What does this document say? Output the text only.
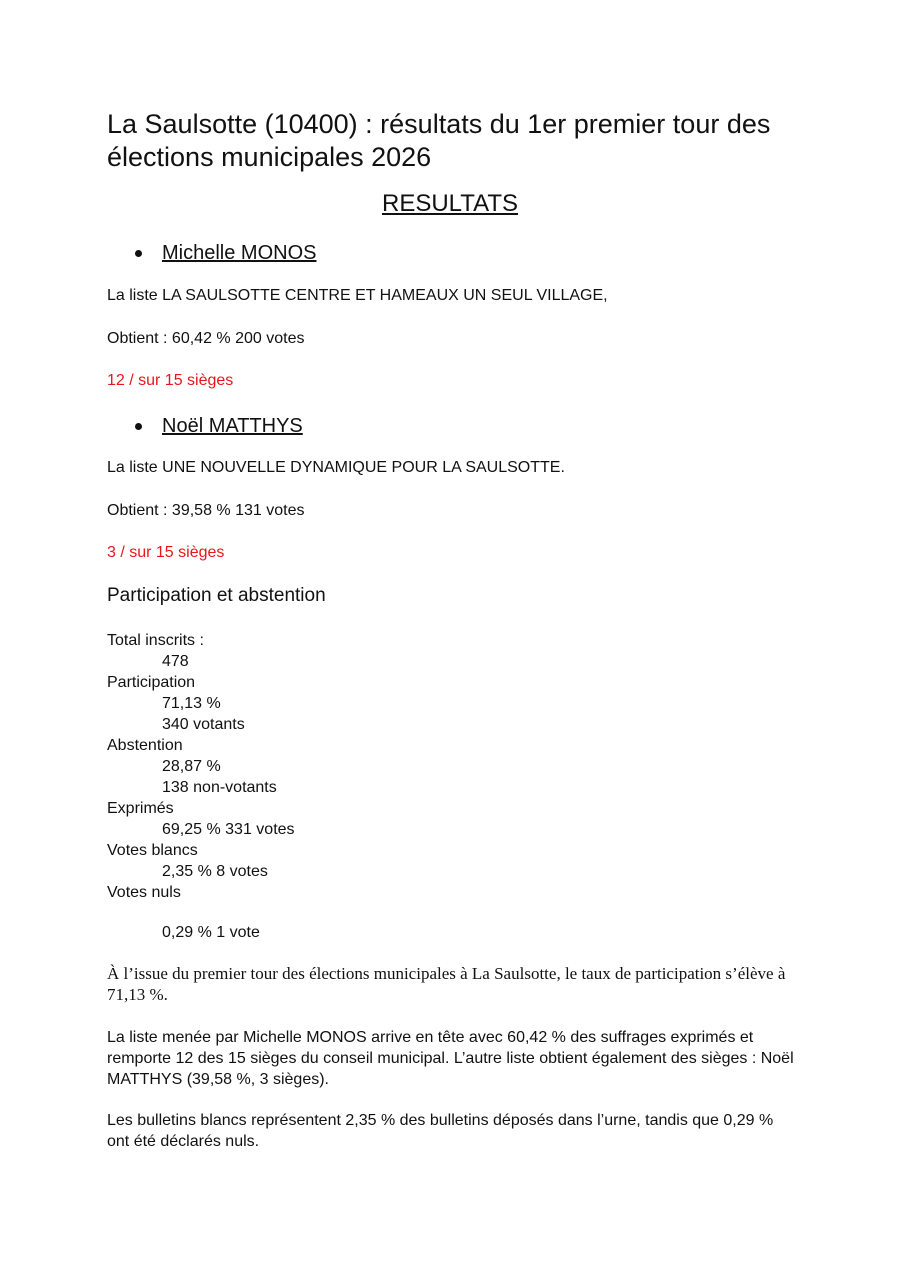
La Saulsotte (10400) : résultats du 1er premier tour des élections municipales 2026
RESULTATS
Michelle MONOS
La liste LA SAULSOTTE CENTRE ET HAMEAUX UN SEUL VILLAGE,
Obtient : 60,42 % 200 votes
12 / sur 15 sièges
Noël MATTHYS
La liste UNE NOUVELLE DYNAMIQUE POUR LA SAULSOTTE.
Obtient : 39,58 % 131 votes
3 / sur 15 sièges
Participation et abstention
Total inscrits :
478
Participation
71,13 %
340 votants
Abstention
28,87 %
138 non-votants
Exprimés
69,25 % 331 votes
Votes blancs
2,35 % 8 votes
Votes nuls
0,29 % 1 vote
À l’issue du premier tour des élections municipales à La Saulsotte, le taux de participation s’élève à 71,13 %.
La liste menée par Michelle MONOS arrive en tête avec 60,42 % des suffrages exprimés et remporte 12 des 15 sièges du conseil municipal. L’autre liste obtient également des sièges : Noël MATTHYS (39,58 %, 3 sièges).
Les bulletins blancs représentent 2,35 % des bulletins déposés dans l’urne, tandis que 0,29 % ont été déclarés nuls.
